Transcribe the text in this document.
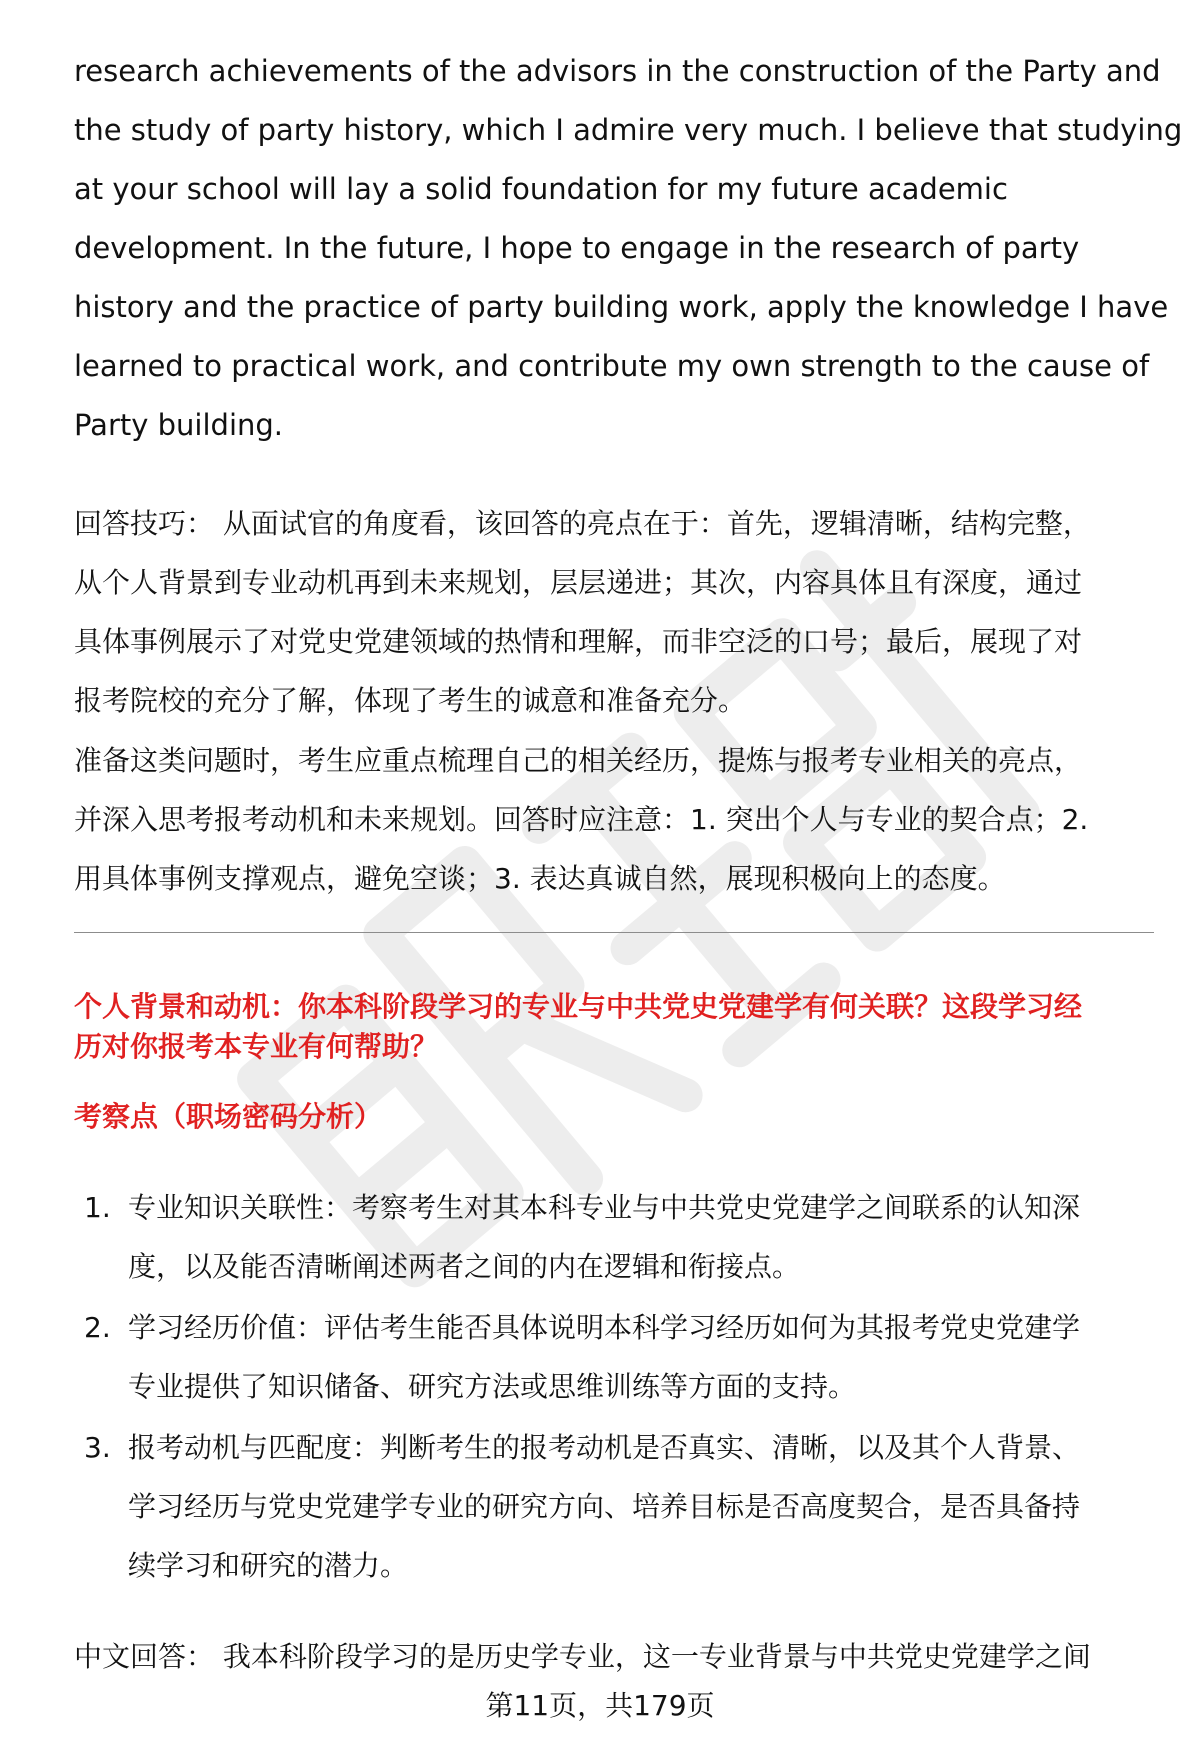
research achievements of the advisors in the construction of the Party and
the study of party history, which I admire very much. I believe that studying
at your school will lay a solid foundation for my future academic
development. In the future, I hope to engage in the research of party
history and the practice of party building work, apply the knowledge I have
learned to practical work, and contribute my own strength to the cause of
Party building.
回答技巧： 从面试官的角度看，该回答的亮点在于：首先，逻辑清晰，结构完整，
从个人背景到专业动机再到未来规划，层层递进；其次，内容具体且有深度，通过
具体事例展示了对党史党建领域的热情和理解，而非空泛的口号；最后，展现了对
报考院校的充分了解，体现了考生的诚意和准备充分。
准备这类问题时，考生应重点梳理自己的相关经历，提炼与报考专业相关的亮点，
并深入思考报考动机和未来规划。回答时应注意：1. 突出个人与专业的契合点；2.
用具体事例支撑观点，避免空谈；3. 表达真诚自然，展现积极向上的态度。
个人背景和动机：你本科阶段学习的专业与中共党史党建学有何关联？这段学习经
历对你报考本专业有何帮助？
考察点（职场密码分析）
1. 专业知识关联性：考察考生对其本科专业与中共党史党建学之间联系的认知深
度，以及能否清晰阐述两者之间的内在逻辑和衔接点。
2. 学习经历价值：评估考生能否具体说明本科学习经历如何为其报考党史党建学
专业提供了知识储备、研究方法或思维训练等方面的支持。
3. 报考动机与匹配度：判断考生的报考动机是否真实、清晰，以及其个人背景、
学习经历与党史党建学专业的研究方向、培养目标是否高度契合，是否具备持
续学习和研究的潜力。
中文回答： 我本科阶段学习的是历史学专业，这一专业背景与中共党史党建学之间
第11页，共179页
